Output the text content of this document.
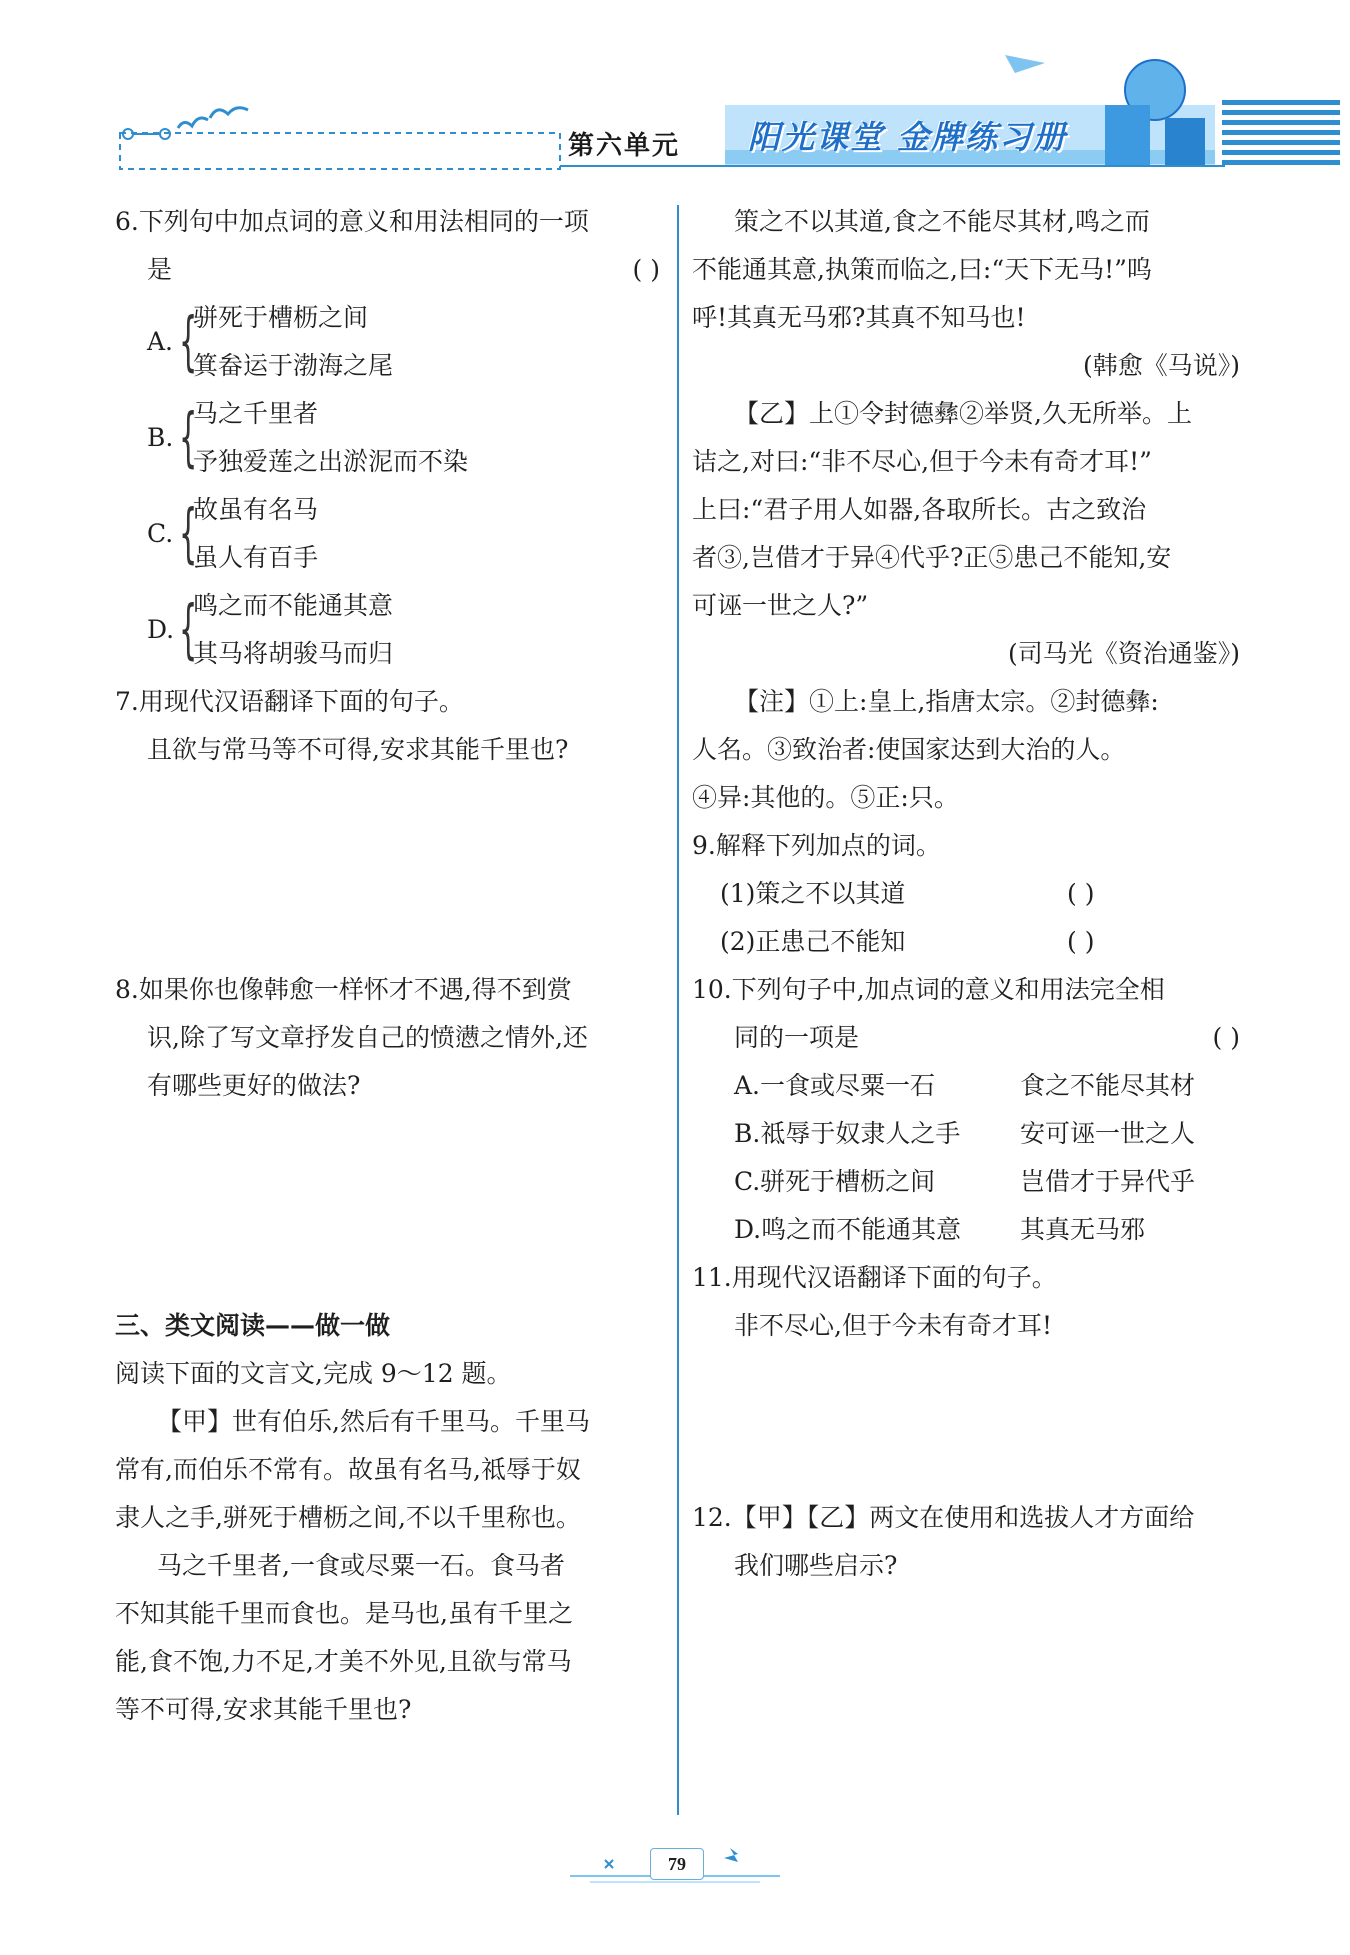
第六单元 阳光课堂 金牌练习册
6.下列句中加点词的意义和用法相同的一项
是	( )
A. {
骈死于槽枥之间
箕畚运于渤海之尾
B. {
马之千里者
予独爱莲之出淤泥而不染
C. {
故虽有名马
虽人有百手
D. {
鸣之而不能通其意
其马将胡骏马而归
7.用现代汉语翻译下面的句子。
且欲与常马等不可得,安求其能千里也?
8.如果你也像韩愈一样怀才不遇,得不到赏
识,除了写文章抒发自己的愤懑之情外,还
有哪些更好的做法?
三、类文阅读——做一做
阅读下面的文言文,完成 9～12 题。
【甲】世有伯乐,然后有千里马。千里马
常有,而伯乐不常有。故虽有名马,祗辱于奴
隶人之手,骈死于槽枥之间,不以千里称也。
马之千里者,一食或尽粟一石。食马者
不知其能千里而食也。是马也,虽有千里之
能,食不饱,力不足,才美不外见,且欲与常马
等不可得,安求其能千里也?
策之不以其道,食之不能尽其材,鸣之而
不能通其意,执策而临之,曰:“天下无马!”呜
呼!其真无马邪?其真不知马也!
(韩愈《马说》)
【乙】上①令封德彝②举贤,久无所举。上
诘之,对曰:“非不尽心,但于今未有奇才耳!”
上曰:“君子用人如器,各取所长。古之致治
者③,岂借才于异④代乎?正⑤患己不能知,安
可诬一世之人?”
(司马光《资治通鉴》)
【注】①上:皇上,指唐太宗。②封德彝:
人名。③致治者:使国家达到大治的人。
④异:其他的。⑤正:只。
9.解释下列加点的词。
(1)策之不以其道	( )
(2)正患己不能知	( )
10.下列句子中,加点词的意义和用法完全相
同的一项是	( )
A.一食或尽粟一石	食之不能尽其材
B.祗辱于奴隶人之手	安可诬一世之人
C.骈死于槽枥之间	岂借才于异代乎
D.鸣之而不能通其意	其真无马邪
11.用现代汉语翻译下面的句子。
非不尽心,但于今未有奇才耳!
12.【甲】【乙】两文在使用和选拔人才方面给
我们哪些启示?
79
